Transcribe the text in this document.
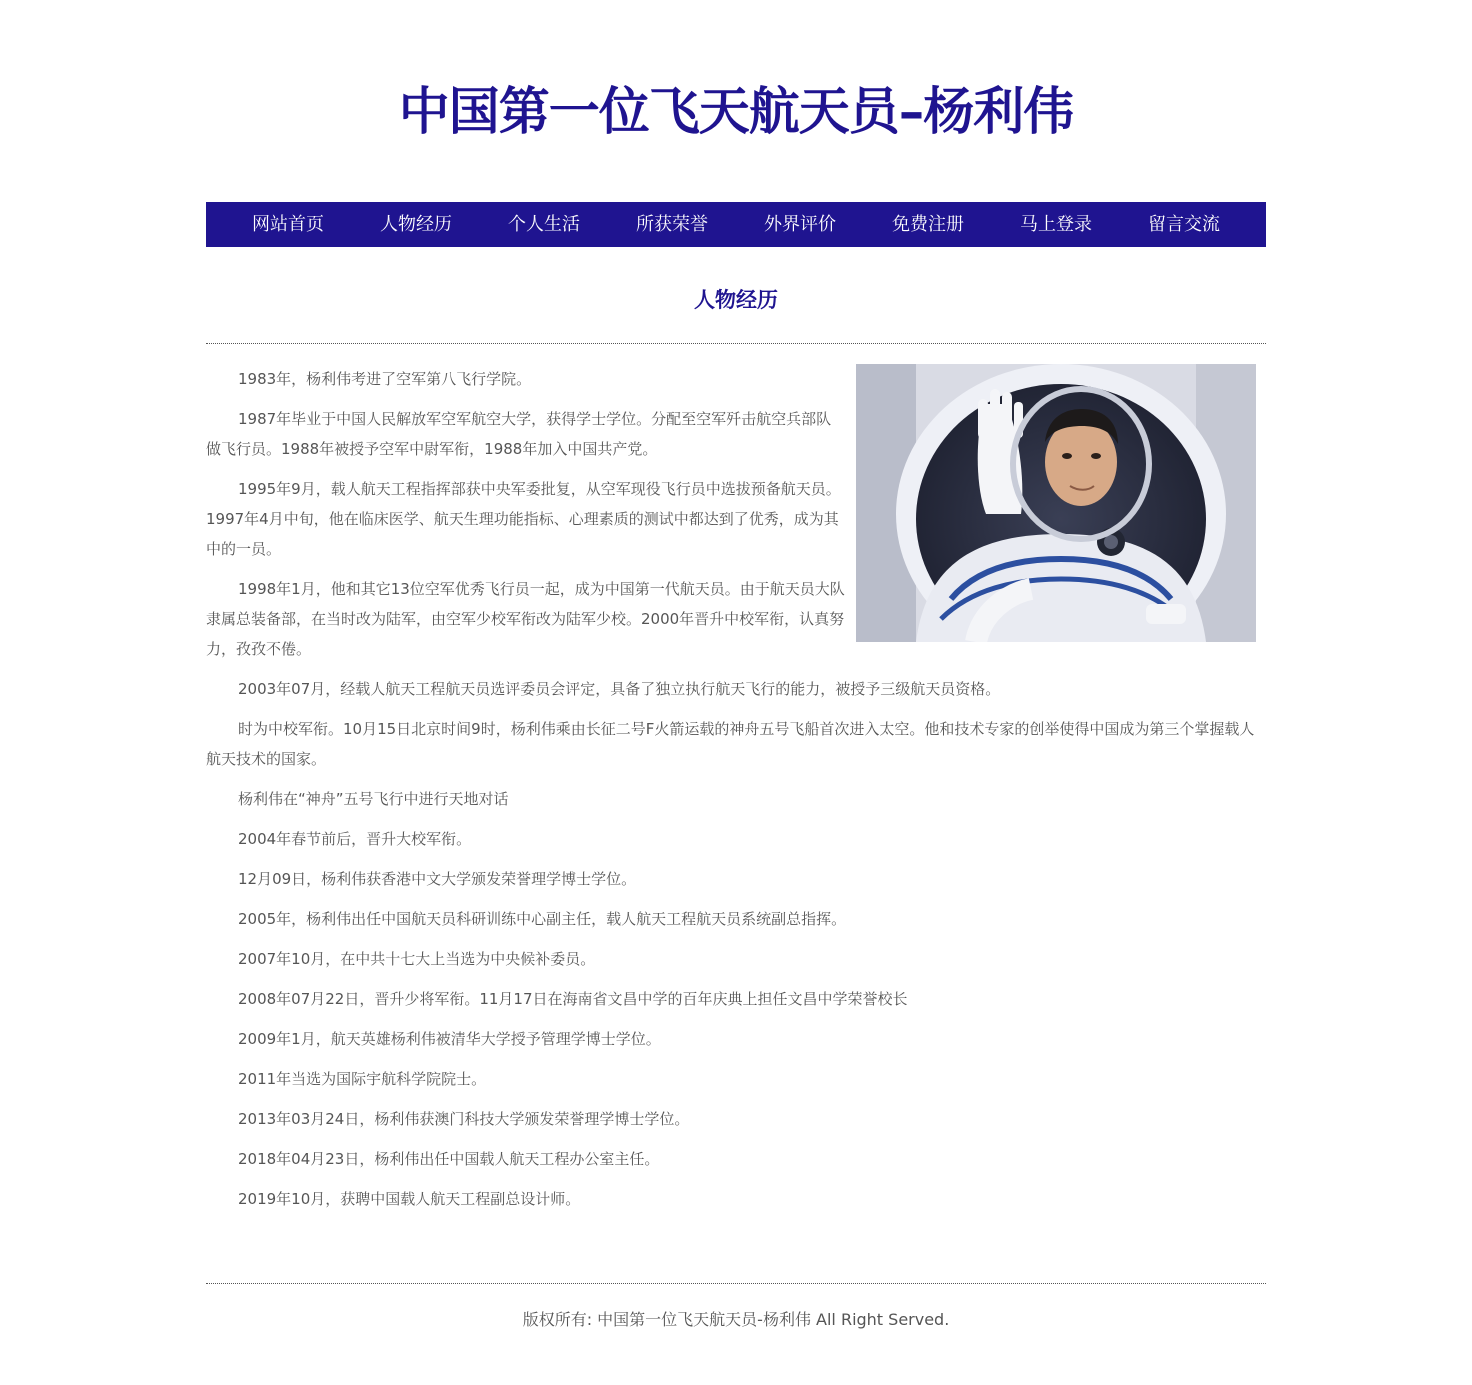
中国第一位飞天航天员–杨利伟
网站首页	人物经历	个人生活	所获荣誉	外界评价	免费注册	马上登录	留言交流
人物经历

1983年，杨利伟考进了空军第八飞行学院。

1987年毕业于中国人民解放军空军航空大学，获得学士学位。分配至空军歼击航空兵部队做飞行员。1988年被授予空军中尉军衔，1988年加入中国共产党。

1995年9月，载人航天工程指挥部获中央军委批复，从空军现役飞行员中选拔预备航天员。1997年4月中旬，他在临床医学、航天生理功能指标、心理素质的测试中都达到了优秀，成为其中的一员。

1998年1月，他和其它13位空军优秀飞行员一起，成为中国第一代航天员。由于航天员大队隶属总装备部，在当时改为陆军，由空军少校军衔改为陆军少校。2000年晋升中校军衔，认真努力，孜孜不倦。

2003年07月，经载人航天工程航天员选评委员会评定，具备了独立执行航天飞行的能力，被授予三级航天员资格。

时为中校军衔。10月15日北京时间9时，杨利伟乘由长征二号F火箭运载的神舟五号飞船首次进入太空。他和技术专家的创举使得中国成为第三个掌握载人航天技术的国家。

杨利伟在“神舟”五号飞行中进行天地对话

2004年春节前后，晋升大校军衔。

12月09日，杨利伟获香港中文大学颁发荣誉理学博士学位。

2005年，杨利伟出任中国航天员科研训练中心副主任，载人航天工程航天员系统副总指挥。

2007年10月，在中共十七大上当选为中央候补委员。

2008年07月22日，晋升少将军衔。11月17日在海南省文昌中学的百年庆典上担任文昌中学荣誉校长

2009年1月，航天英雄杨利伟被清华大学授予管理学博士学位。

2011年当选为国际宇航科学院院士。

2013年03月24日，杨利伟获澳门科技大学颁发荣誉理学博士学位。

2018年04月23日，杨利伟出任中国载人航天工程办公室主任。

2019年10月，获聘中国载人航天工程副总设计师。

版权所有: 中国第一位飞天航天员-杨利伟 All Right Served.
